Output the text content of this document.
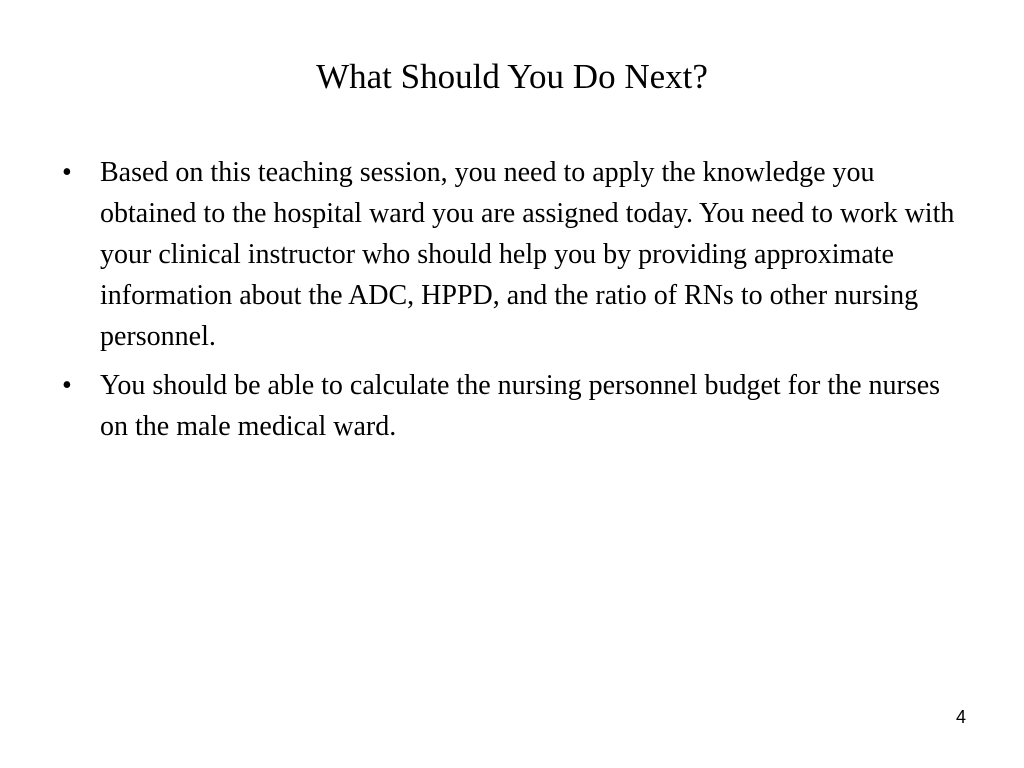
What Should You Do Next?
• Based on this teaching session, you need to apply the knowledge you obtained to the hospital ward you are assigned today. You need to work with your clinical instructor who should help you by providing approximate information about the ADC, HPPD, and the ratio of RNs to other nursing personnel.
• You should be able to calculate the nursing personnel budget for the nurses on the male medical ward.
4
